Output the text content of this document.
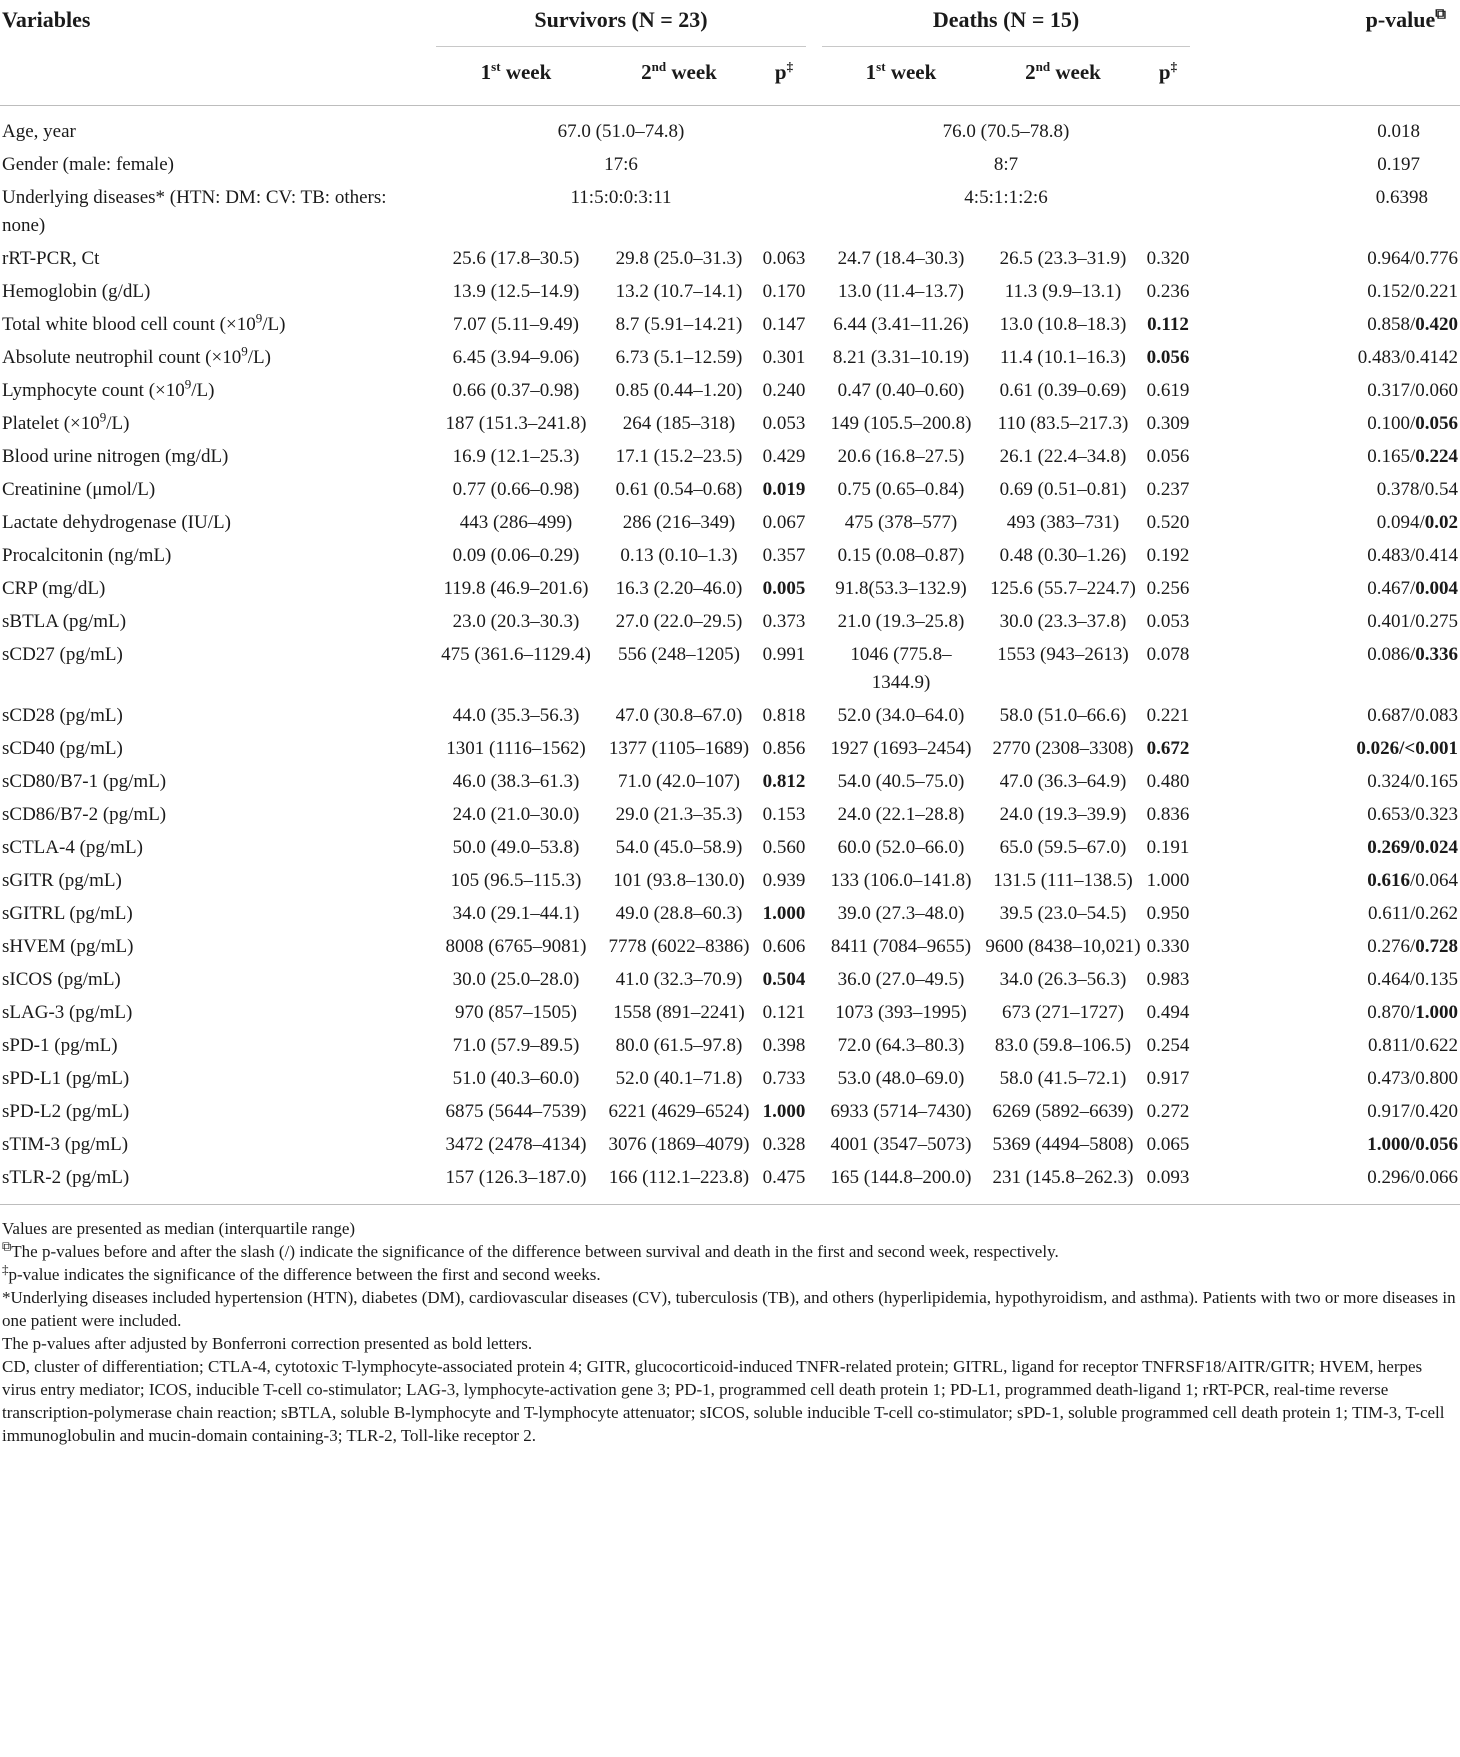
Variables	Survivors (N = 23)				Deaths (N = 15)				p-value⧉
	1st week	2nd week	p‡		1st week	2nd week	p‡		
Age, year	67.0 (51.0–74.8)				76.0 (70.5–78.8)				0.018
Gender (male: female)	17:6				8:7				0.197
Underlying diseases* (HTN: DM: CV: TB: others: none)	11:5:0:0:3:11				4:5:1:1:2:6				0.6398
rRT-PCR, Ct	25.6 (17.8–30.5)	29.8 (25.0–31.3)	0.063		24.7 (18.4–30.3)	26.5 (23.3–31.9)	0.320		0.964/0.776
Hemoglobin (g/dL)	13.9 (12.5–14.9)	13.2 (10.7–14.1)	0.170		13.0 (11.4–13.7)	11.3 (9.9–13.1)	0.236		0.152/0.221
Total white blood cell count $(\times 10^9/L)$	7.07 (5.11–9.49)	8.7 (5.91–14.21)	0.147		6.44 (3.41–11.26)	13.0 (10.8–18.3)	0.112		0.858/0.420
Absolute neutrophil count $(\times 10^9/L)$	6.45 (3.94–9.06)	6.73 (5.1–12.59)	0.301		8.21 (3.31–10.19)	11.4 (10.1–16.3)	0.056		0.483/0.4142
Lymphocyte count $(\times 10^9/L)$	0.66 (0.37–0.98)	0.85 (0.44–1.20)	0.240		0.47 (0.40–0.60)	0.61 (0.39–0.69)	0.619		0.317/0.060
Platelet $(\times 10^9/L)$	187 (151.3–241.8)	264 (185–318)	0.053		149 (105.5–200.8)	110 (83.5–217.3)	0.309		0.100/0.056
Blood urine nitrogen (mg/dL)	16.9 (12.1–25.3)	17.1 (15.2–23.5)	0.429		20.6 (16.8–27.5)	26.1 (22.4–34.8)	0.056		0.165/0.224
Creatinine (μmol/L)	0.77 (0.66–0.98)	0.61 (0.54–0.68)	0.019		0.75 (0.65–0.84)	0.69 (0.51–0.81)	0.237		0.378/0.54
Lactate dehydrogenase (IU/L)	443 (286–499)	286 (216–349)	0.067		475 (378–577)	493 (383–731)	0.520		0.094/0.02
Procalcitonin (ng/mL)	0.09 (0.06–0.29)	0.13 (0.10–1.3)	0.357		0.15 (0.08–0.87)	0.48 (0.30–1.26)	0.192		0.483/0.414
CRP (mg/dL)	119.8 (46.9–201.6)	16.3 (2.20–46.0)	0.005		91.8(53.3–132.9)	125.6 (55.7–224.7)	0.256		0.467/0.004
sBTLA (pg/mL)	23.0 (20.3–30.3)	27.0 (22.0–29.5)	0.373		21.0 (19.3–25.8)	30.0 (23.3–37.8)	0.053		0.401/0.275
sCD27 (pg/mL)	475 (361.6–1129.4)	556 (248–1205)	0.991		1046 (775.8–1344.9)	1553 (943–2613)	0.078		0.086/0.336
sCD28 (pg/mL)	44.0 (35.3–56.3)	47.0 (30.8–67.0)	0.818		52.0 (34.0–64.0)	58.0 (51.0–66.6)	0.221		0.687/0.083
sCD40 (pg/mL)	1301 (1116–1562)	1377 (1105–1689)	0.856		1927 (1693–2454)	2770 (2308–3308)	0.672		0.026/<0.001
sCD80/B7-1 (pg/mL)	46.0 (38.3–61.3)	71.0 (42.0–107)	0.812		54.0 (40.5–75.0)	47.0 (36.3–64.9)	0.480		0.324/0.165
sCD86/B7-2 (pg/mL)	24.0 (21.0–30.0)	29.0 (21.3–35.3)	0.153		24.0 (22.1–28.8)	24.0 (19.3–39.9)	0.836		0.653/0.323
sCTLA-4 (pg/mL)	50.0 (49.0–53.8)	54.0 (45.0–58.9)	0.560		60.0 (52.0–66.0)	65.0 (59.5–67.0)	0.191		0.269/0.024
sGITR (pg/mL)	105 (96.5–115.3)	101 (93.8–130.0)	0.939		133 (106.0–141.8)	131.5 (111–138.5)	1.000		0.616/0.064
sGITRL (pg/mL)	34.0 (29.1–44.1)	49.0 (28.8–60.3)	1.000		39.0 (27.3–48.0)	39.5 (23.0–54.5)	0.950		0.611/0.262
sHVEM (pg/mL)	8008 (6765–9081)	7778 (6022–8386)	0.606		8411 (7084–9655)	9600 (8438–10,021)	0.330		0.276/0.728
sICOS (pg/mL)	30.0 (25.0–28.0)	41.0 (32.3–70.9)	0.504		36.0 (27.0–49.5)	34.0 (26.3–56.3)	0.983		0.464/0.135
sLAG-3 (pg/mL)	970 (857–1505)	1558 (891–2241)	0.121		1073 (393–1995)	673 (271–1727)	0.494		0.870/1.000
sPD-1 (pg/mL)	71.0 (57.9–89.5)	80.0 (61.5–97.8)	0.398		72.0 (64.3–80.3)	83.0 (59.8–106.5)	0.254		0.811/0.622
sPD-L1 (pg/mL)	51.0 (40.3–60.0)	52.0 (40.1–71.8)	0.733		53.0 (48.0–69.0)	58.0 (41.5–72.1)	0.917		0.473/0.800
sPD-L2 (pg/mL)	6875 (5644–7539)	6221 (4629–6524)	1.000		6933 (5714–7430)	6269 (5892–6639)	0.272		0.917/0.420
sTIM-3 (pg/mL)	3472 (2478–4134)	3076 (1869–4079)	0.328		4001 (3547–5073)	5369 (4494–5808)	0.065		1.000/0.056
sTLR-2 (pg/mL)	157 (126.3–187.0)	166 (112.1–223.8)	0.475		165 (144.8–200.0)	231 (145.8–262.3)	0.093		0.296/0.066

Values are presented as median (interquartile range)

⧉The p-values before and after the slash (/) indicate the significance of the difference between survival and death in the first and second week, respectively.

‡p-value indicates the significance of the difference between the first and second weeks.

*Underlying diseases included hypertension (HTN), diabetes (DM), cardiovascular diseases (CV), tuberculosis (TB), and others (hyperlipidemia, hypothyroidism, and asthma). Patients with two or more diseases in one patient were included.

The p-values after adjusted by Bonferroni correction presented as bold letters.

CD, cluster of differentiation; CTLA-4, cytotoxic T-lymphocyte-associated protein 4; GITR, glucocorticoid-induced TNFR-related protein; GITRL, ligand for receptor TNFRSF18/AITR/GITR; HVEM, herpes virus entry mediator; ICOS, inducible T-cell co-stimulator; LAG-3, lymphocyte-activation gene 3; PD-1, programmed cell death protein 1; PD-L1, programmed death-ligand 1; rRT-PCR, real-time reverse transcription-polymerase chain reaction; sBTLA, soluble B-lymphocyte and T-lymphocyte attenuator; sICOS, soluble inducible T-cell co-stimulator; sPD-1, soluble programmed cell death protein 1; TIM-3, T-cell immunoglobulin and mucin-domain containing-3; TLR-2, Toll-like receptor 2.
